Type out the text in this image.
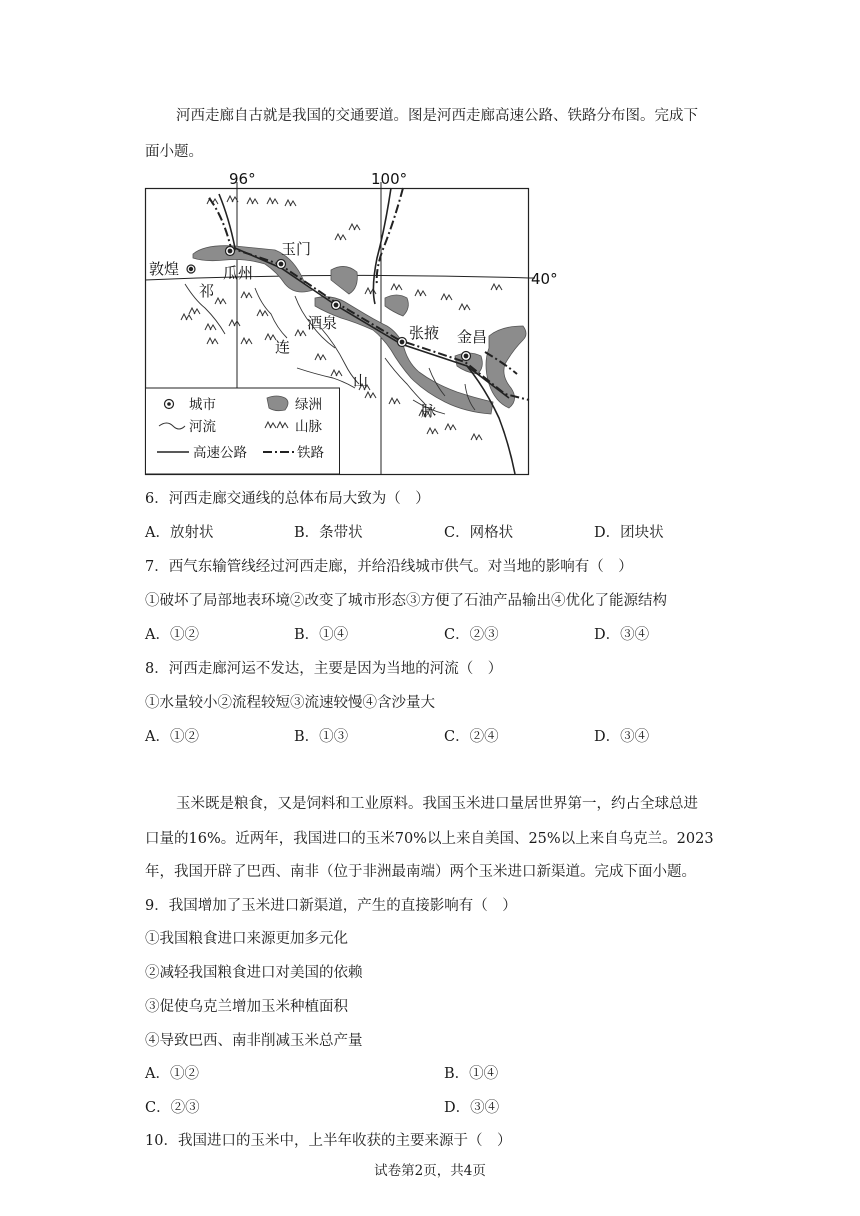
河西走廊自古就是我国的交通要道。图是河西走廊高速公路、铁路分布图。完成下
面小题。
96°	100°
40°
敦煌	瓜州
玉门
酒泉
张掖 金昌
祁
连
山
脉
城市	绿洲
河流	山脉
高速公路	铁路
6．河西走廊交通线的总体布局大致为（　）
A．放射状	B．条带状	C．网格状	D．团块状
7．西气东输管线经过河西走廊，并给沿线城市供气。对当地的影响有（　）
①破坏了局部地表环境②改变了城市形态③方便了石油产品输出④优化了能源结构
A．①②	B．①④	C．②③	D．③④
8．河西走廊河运不发达，主要是因为当地的河流（　）
①水量较小②流程较短③流速较慢④含沙量大
A．①②	B．①③	C．②④	D．③④
玉米既是粮食，又是饲料和工业原料。我国玉米进口量居世界第一，约占全球总进
口量的16%。近两年，我国进口的玉米70%以上来自美国、25%以上来自乌克兰。2023
年，我国开辟了巴西、南非（位于非洲最南端）两个玉米进口新渠道。完成下面小题。
9．我国增加了玉米进口新渠道，产生的直接影响有（　）
①我国粮食进口来源更加多元化
②减轻我国粮食进口对美国的依赖
③促使乌克兰增加玉米种植面积
④导致巴西、南非削减玉米总产量
A．①②	B．①④
C．②③	D．③④
10．我国进口的玉米中，上半年收获的主要来源于（　）
试卷第2页，共4页
